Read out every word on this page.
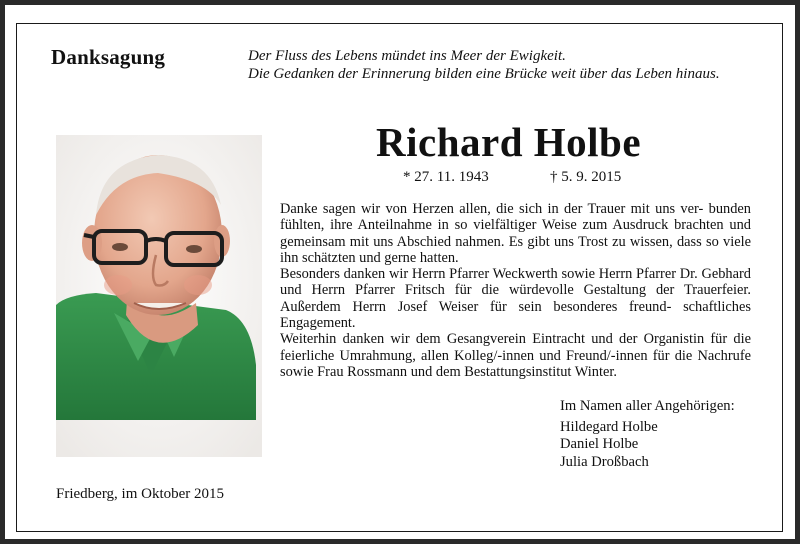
Danksagung	Der Fluss des Lebens mündet ins Meer der Ewigkeit.
Die Gedanken der Erinnerung bilden eine Brücke weit über das Leben hinaus.
Richard Holbe
* 27. 11. 1943	† 5. 9. 2015

Danke sagen wir von Herzen allen, die sich in der Trauer mit uns ver- bunden fühlten, ihre Anteilnahme in so vielfältiger Weise zum Ausdruck brachten und gemeinsam mit uns Abschied nahmen. Es gibt uns Trost zu wissen, dass so viele ihn schätzten und gerne hatten.

Besonders danken wir Herrn Pfarrer Weckwerth sowie Herrn Pfarrer Dr. Gebhard und Herrn Pfarrer Fritsch für die würdevolle Gestaltung der Trauerfeier. Außerdem Herrn Josef Weiser für sein besonderes freund- schaftliches Engagement.

Weiterhin danken wir dem Gesangverein Eintracht und der Organistin für die feierliche Umrahmung, allen Kolleg/-innen und Freund/-innen für die Nachrufe sowie Frau Rossmann und dem Bestattungsinstitut Winter.

Im Namen aller Angehörigen:
Hildegard Holbe
Daniel Holbe
Julia Droßbach
Friedberg, im Oktober 2015
